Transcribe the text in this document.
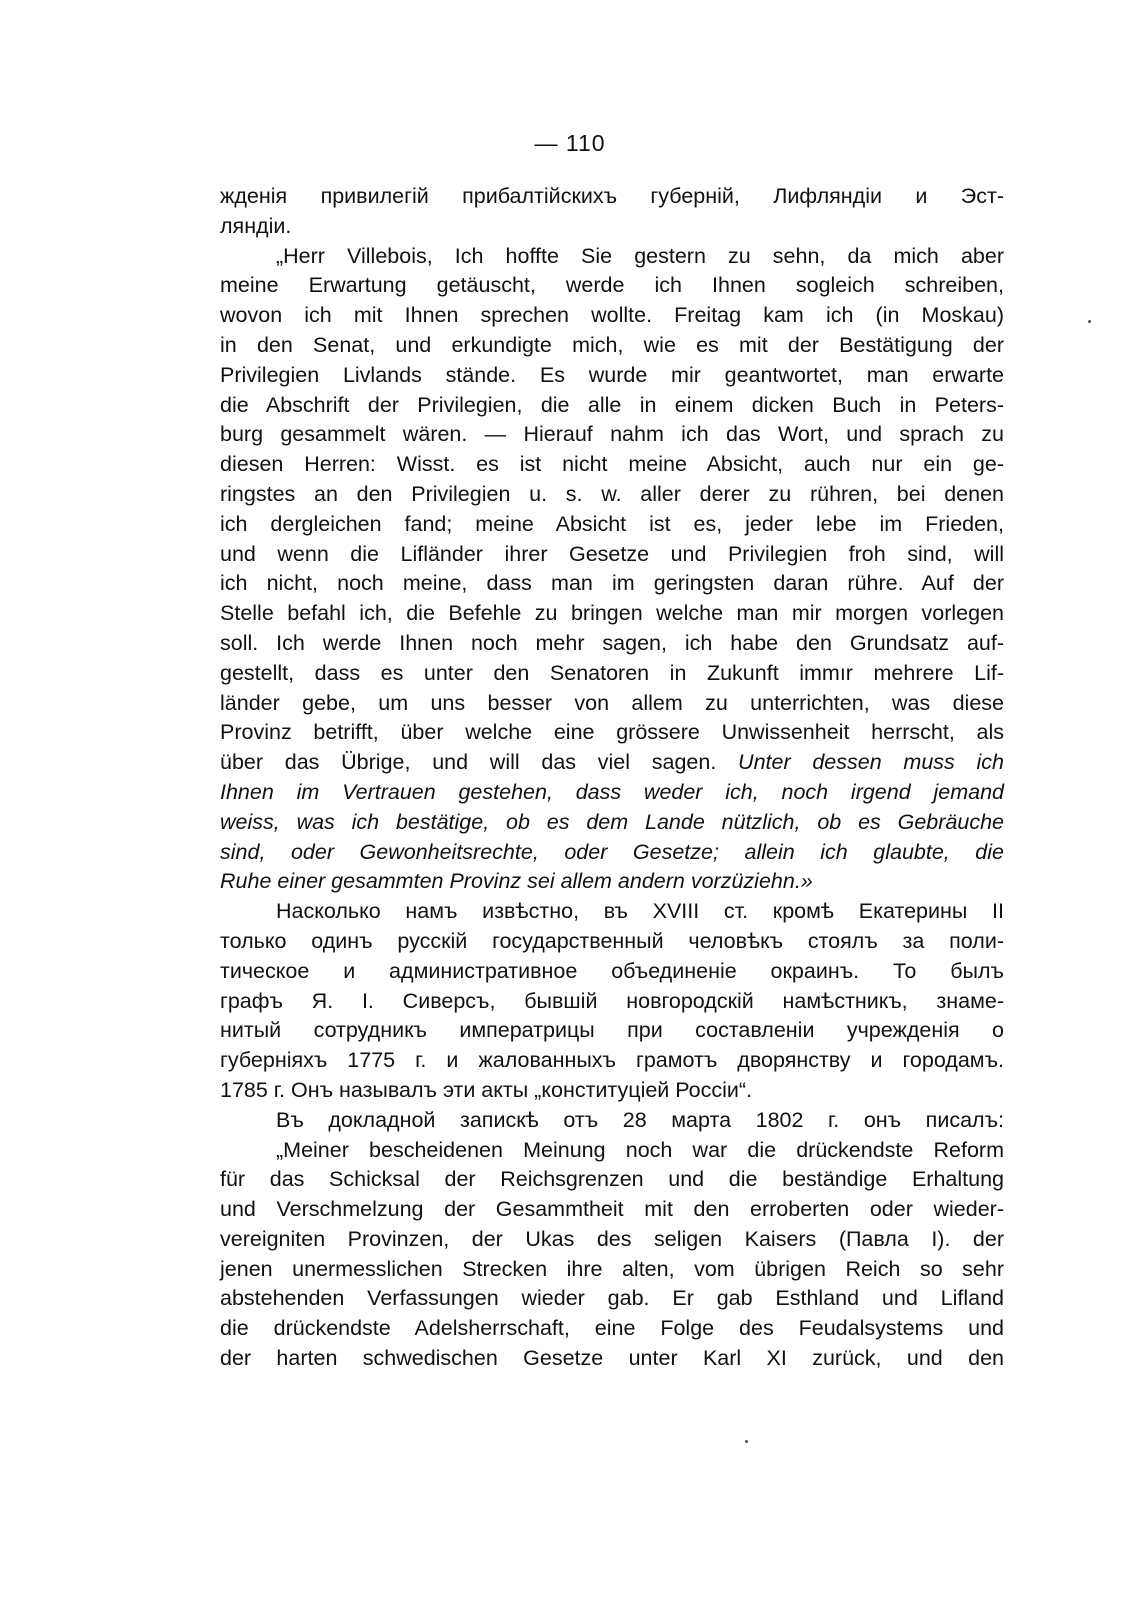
— 110
жденія привилегій прибалтійскихъ губерній, Лифляндіи и Эст-
ляндіи.
„Herr Villebois, Ich hoffte Sie gestern zu sehn, da mich aber
meine Erwartung getäuscht, werde ich Ihnen sogleich schreiben,
wovon ich mit Ihnen sprechen wollte. Freitag kam ich (in Moskau)
in den Senat, und erkundigte mich, wie es mit der Bestätigung der
Privilegien Livlands stände. Es wurde mir geantwortet, man erwarte
die Abschrift der Privilegien, die alle in einem dicken Buch in Peters-
burg gesammelt wären. — Hierauf nahm ich das Wort, und sprach zu
diesen Herren: Wisst. es ist nicht meine Absicht, auch nur ein ge-
ringstes an den Privilegien u. s. w. aller derer zu rühren, bei denen
ich dergleichen fand; meine Absicht ist es, jeder lebe im Frieden,
und wenn die Lifländer ihrer Gesetze und Privilegien froh sind, will
ich nicht, noch meine, dass man im geringsten daran rühre. Auf der
Stelle befahl ich, die Befehle zu bringen welche man mir morgen vorlegen
soll. Ich werde Ihnen noch mehr sagen, ich habe den Grundsatz auf-
gestellt, dass es unter den Senatoren in Zukunft immır mehrere Lif-
länder gebe, um uns besser von allem zu unterrichten, was diese
Provinz betrifft, über welche eine grössere Unwissenheit herrscht, als
über das Übrige, und will das viel sagen. Unter dessen muss ich
Ihnen im Vertrauen gestehen, dass weder ich, noch irgend jemand
weiss, was ich bestätige, ob es dem Lande nützlich, ob es Gebräuche
sind, oder Gewonheitsrechte, oder Gesetze; allein ich glaubte, die
Ruhe einer gesammten Provinz sei allem andern vorzüziehn.»
Насколько намъ извѣстно, въ XVIII ст. кромѣ Екатерины II
только одинъ русскій государственный человѣкъ стоялъ за поли-
тическое и административное объединеніе окраинъ. То былъ
графъ Я. І. Сиверсъ, бывшій новгородскій намѣстникъ, знаме-
нитый сотрудникъ императрицы при составленіи учрежденія о
губерніяхъ 1775 г. и жалованныхъ грамотъ дворянству и городамъ.
1785 г. Онъ называлъ эти акты „конституціей Россіи“.
Въ докладной запискѣ отъ 28 марта 1802 г. онъ писалъ:
„Meiner bescheidenen Meinung noch war die drückendste Reform
für das Schicksal der Reichsgrenzen und die beständige Erhaltung
und Verschmelzung der Gesammtheit mit den erroberten oder wieder-
vereigniten Provinzen, der Ukas des seligen Kaisers (Павла I). der
jenen unermesslichen Strecken ihre alten, vom übrigen Reich so sehr
abstehenden Verfassungen wieder gab. Er gab Esthland und Lifland
die drückendste Adelsherrschaft, eine Folge des Feudalsystems und
der harten schwedischen Gesetze unter Karl XI zurück, und den
